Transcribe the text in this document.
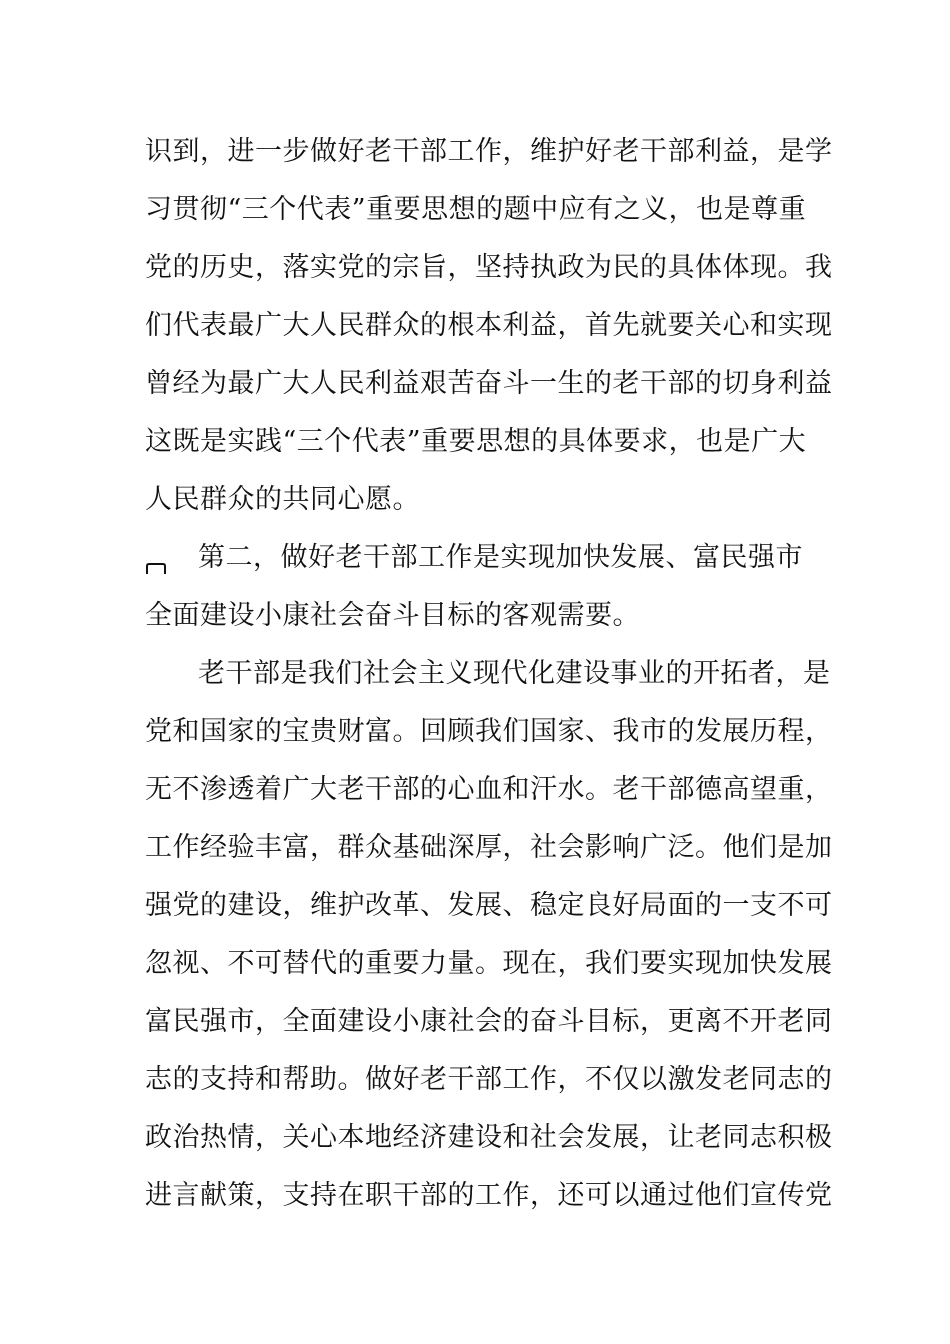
识到，进一步做好老干部工作，维护好老干部利益，是学
习贯彻“三个代表”重要思想的题中应有之义，也是尊重
党的历史，落实党的宗旨，坚持执政为民的具体体现。我
们代表最广大人民群众的根本利益，首先就要关心和实现
曾经为最广大人民利益艰苦奋斗一生的老干部的切身利益
这既是实践“三个代表”重要思想的具体要求，也是广大
人民群众的共同心愿。
第二，做好老干部工作是实现加快发展、富民强市
全面建设小康社会奋斗目标的客观需要。
老干部是我们社会主义现代化建设事业的开拓者，是
党和国家的宝贵财富。回顾我们国家、我市的发展历程，
无不渗透着广大老干部的心血和汗水。老干部德高望重，
工作经验丰富，群众基础深厚，社会影响广泛。他们是加
强党的建设，维护改革、发展、稳定良好局面的一支不可
忽视、不可替代的重要力量。现在，我们要实现加快发展
富民强市，全面建设小康社会的奋斗目标，更离不开老同
志的支持和帮助。做好老干部工作，不仅以激发老同志的
政治热情，关心本地经济建设和社会发展，让老同志积极
进言献策，支持在职干部的工作，还可以通过他们宣传党
